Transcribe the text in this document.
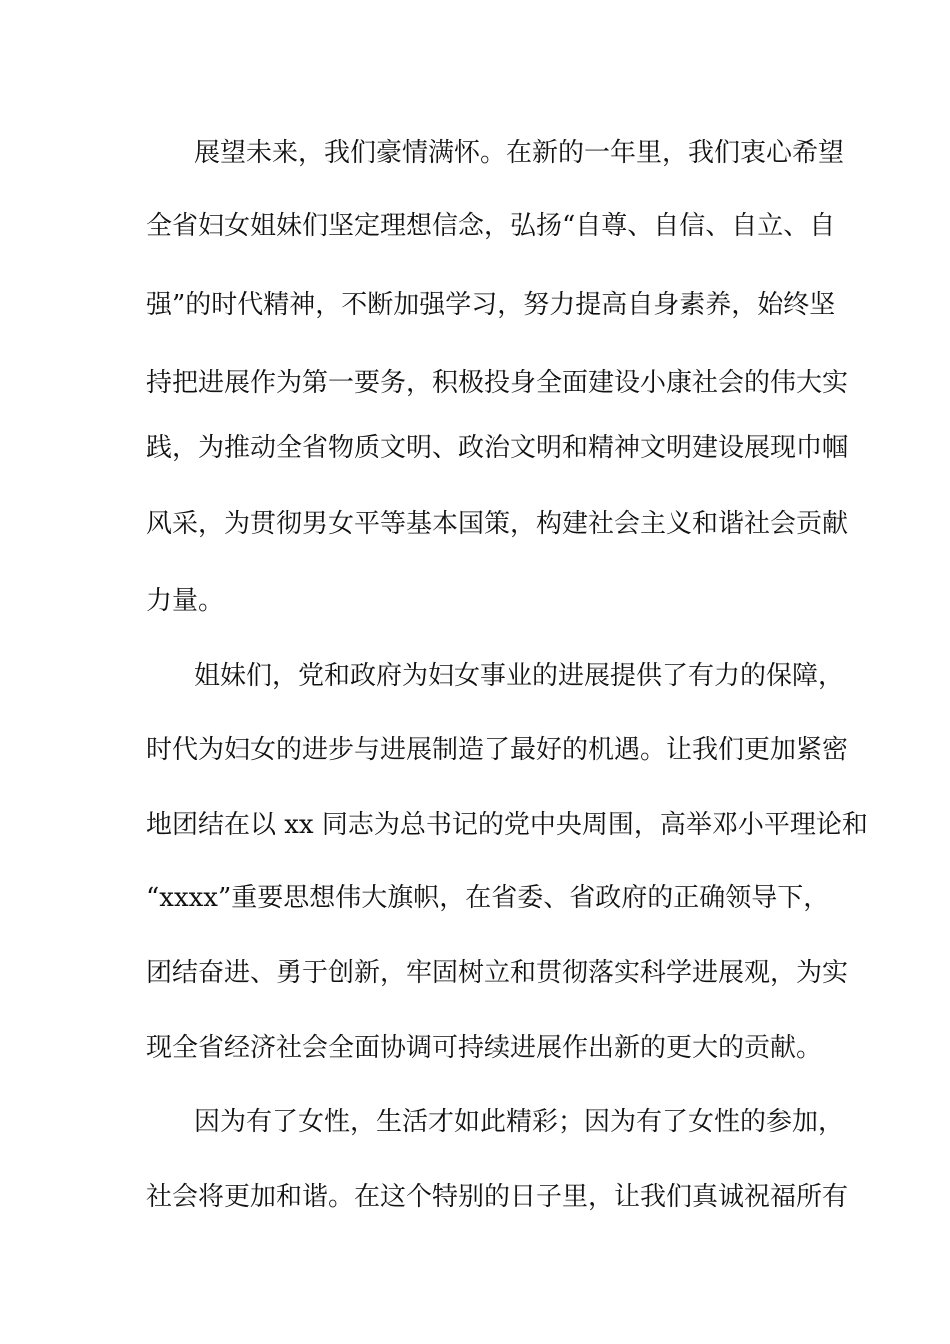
展望未来，我们豪情满怀。在新的一年里，我们衷心希望
全省妇女姐妹们坚定理想信念，弘扬“自尊、自信、自立、自
强”的时代精神，不断加强学习，努力提高自身素养，始终坚
持把进展作为第一要务，积极投身全面建设小康社会的伟大实
践，为推动全省物质文明、政治文明和精神文明建设展现巾帼
风采，为贯彻男女平等基本国策，构建社会主义和谐社会贡献
力量。
姐妹们，党和政府为妇女事业的进展提供了有力的保障，
时代为妇女的进步与进展制造了最好的机遇。让我们更加紧密
地团结在以 xx 同志为总书记的党中央周围，高举邓小平理论和
“xxxx”重要思想伟大旗帜，在省委、省政府的正确领导下，
团结奋进、勇于创新，牢固树立和贯彻落实科学进展观，为实
现全省经济社会全面协调可持续进展作出新的更大的贡献。
因为有了女性，生活才如此精彩；因为有了女性的参加，
社会将更加和谐。在这个特别的日子里，让我们真诚祝福所有
